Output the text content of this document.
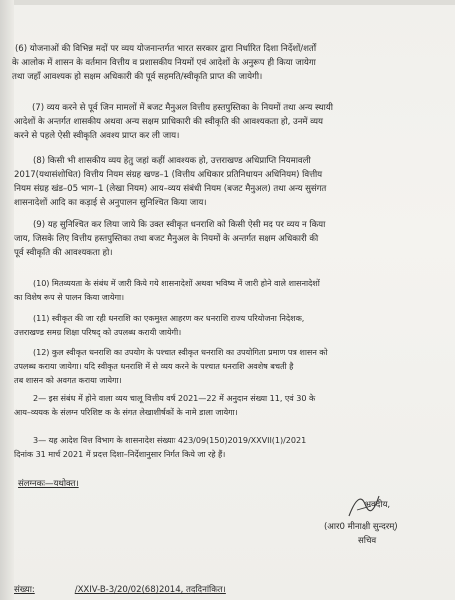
(6) योजनाओं की विभिन्न मदों पर व्यय योजनान्तर्गत भारत सरकार द्वारा निर्धारित दिशा निर्देशों/शर्तों
के आलोक में शासन के वर्तमान वित्तीय व प्रशासकीय नियमों एवं आदेशों के अनुरूप ही किया जायेगा
तथा जहाँ आवश्यक हो सक्षम अधिकारी की पूर्व सहमति/स्वीकृति प्राप्त की जायेगी।
(7) व्यय करने से पूर्व जिन मामलों में बजट मैनुअल वित्तीय हस्तपुस्तिका के नियमों तथा अन्य स्थायी
आदेशों के अन्तर्गत शासकीय अथवा अन्य सक्षम प्राधिकारी की स्वीकृति की आवश्यकता हो, उनमें व्यय
करने से पहले ऐसी स्वीकृति अवश्य प्राप्त कर ली जाय।
(8) किसी भी शासकीय व्यय हेतु जहां कहीं आवश्यक हो, उत्तराखण्ड अधिप्राप्ति नियमावली
2017(यथासंशोधित) वित्तीय नियम संग्रह खण्ड–1 (वित्तीय अधिकार प्रतिनिधायन अधिनियम) वित्तीय
नियम संग्रह खंड–05 भाग–1 (लेखा नियम) आय–व्यय संबंधी नियम (बजट मैनुअल) तथा अन्य सुसंगत
शासनादेशों आदि का कड़ाई से अनुपालन सुनिश्चित किया जाय।
(9) यह सुनिश्चित कर लिया जाये कि उक्त स्वीकृत धनराशि को किसी ऐसी मद पर व्यय न किया
जाय, जिसके लिए वित्तीय हस्तपुस्तिका तथा बजट मैनुअल के नियमों के अन्तर्गत सक्षम अधिकारी की
पूर्व स्वीकृति की आवश्यकता हो।
(10) मितव्ययता के संबंध में जारी किये गये शासनादेशों अथवा भविष्य में जारी होने वाले शासनादेशों
का विशेष रूप से पालन किया जायेगा।
(11) स्वीकृत की जा रही धनराशि का एकमुश्त आहरण कर धनराशि राज्य परियोजना निदेशक,
उत्तराखण्ड समग्र शिक्षा परिषद् को उपलब्ध करायी जायेगी।
(12) कुल स्वीकृत धनराशि का उपयोग के पश्चात स्वीकृत धनराशि का उपयोगिता प्रमाण पत्र शासन को
उपलब्ध कराया जायेगा। यदि स्वीकृत धनराशि में से व्यय करने के पश्चात धनराशि अवशेष बचती है
तब शासन को अवगत कराया जायेगा।
2— इस संबंध में होने वाला व्यय चालू वित्तीय वर्ष 2021—22 में अनुदान संख्या 11, एवं 30 के
आय–व्ययक के संलग्न परिशिष्ट क के संगत लेखाशीर्षकों के नामे डाला जायेगा।
3— यह आदेश वित्त विभाग के शासनादेश संख्याः 423/09(150)2019/XXVII(1)/2021
दिनांक 31 मार्च 2021 में प्रदत्त दिशा–निर्देशानुसार निर्गत किये जा रहे हैं।
संलग्नकः—यथोक्त।
भवदीय,
(आर0 मीनाक्षी सुन्दरम्)
सचिव
संख्या:	/XXIV-B-3/20/02(68)2014, तददिनांकित।
